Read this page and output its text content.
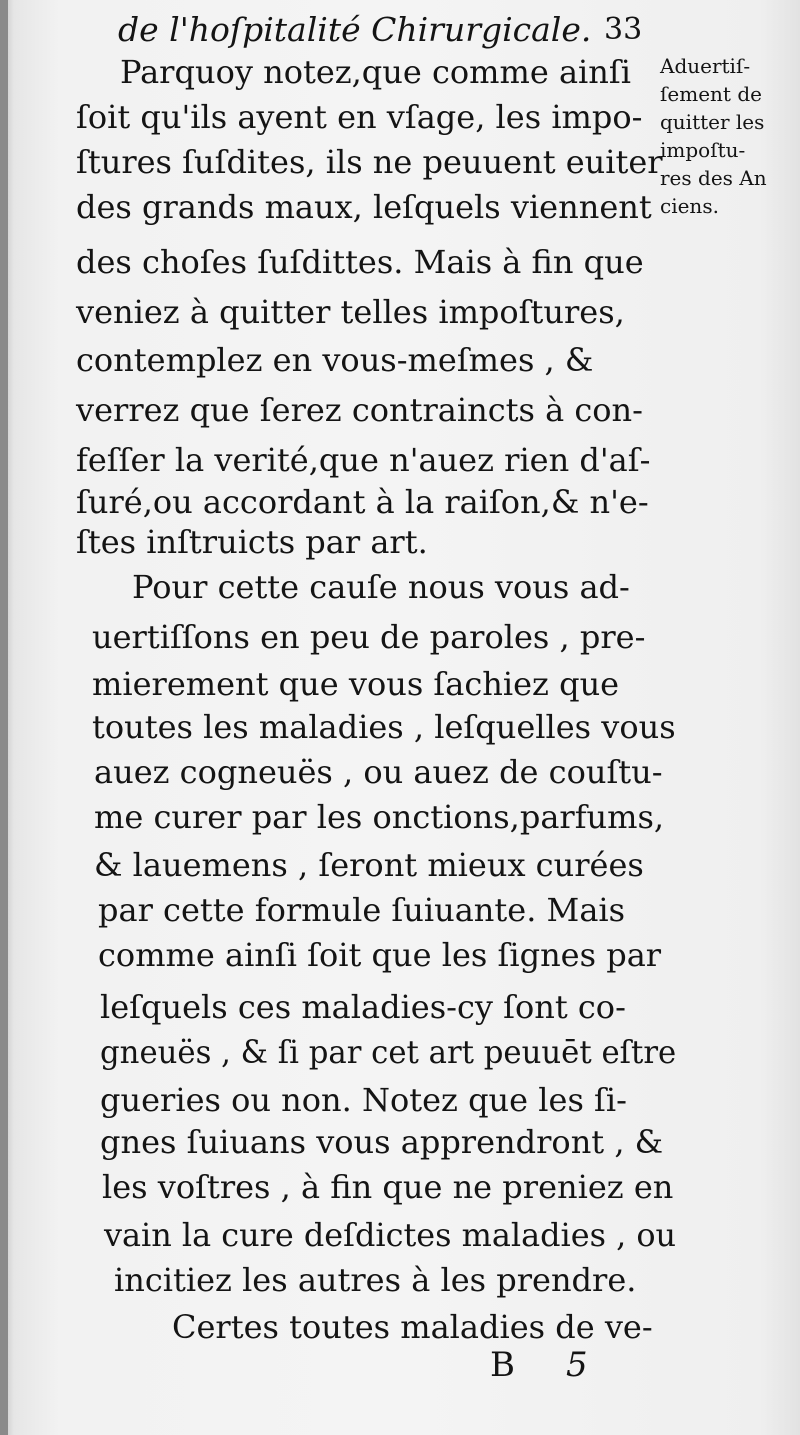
de l'hoſpitalité Chirurgicale. 33
Aduertiſ-
ſement de
quitter les
impoſtu-
res des An
ciens.
Parquoy notez,que comme ainſi
ſoit qu'ils ayent en vſage, les impo-
ſtures ſuſdites, ils ne peuuent euiter
des grands maux, leſquels viennent
des choſes ſuſdittes. Mais à fin que
veniez à quitter telles impoſtures,
contemplez en vous-meſmes , &
verrez que ſerez contraincts à con-
feſſer la verité,que n'auez rien d'aſ-
ſuré,ou accordant à la raiſon,& n'e-
ſtes inſtruicts par art.
Pour cette cauſe nous vous ad-
uertiſſons en peu de paroles , pre-
mierement que vous ſachiez que
toutes les maladies , leſquelles vous
auez cogneuës , ou auez de couſtu-
me curer par les onctions,parfums,
& lauemens , ſeront mieux curées
par cette formule ſuiuante. Mais
comme ainſi ſoit que les ſignes par
leſquels ces maladies-cy ſont co-
gneuës , & ſi par cet art peuuēt eſtre
gueries ou non. Notez que les ſi-
gnes ſuiuans vous apprendront , &
les voſtres , à fin que ne preniez en
vain la cure deſdictes maladies , ou
incitiez les autres à les prendre.
Certes toutes maladies de ve-
B 5
